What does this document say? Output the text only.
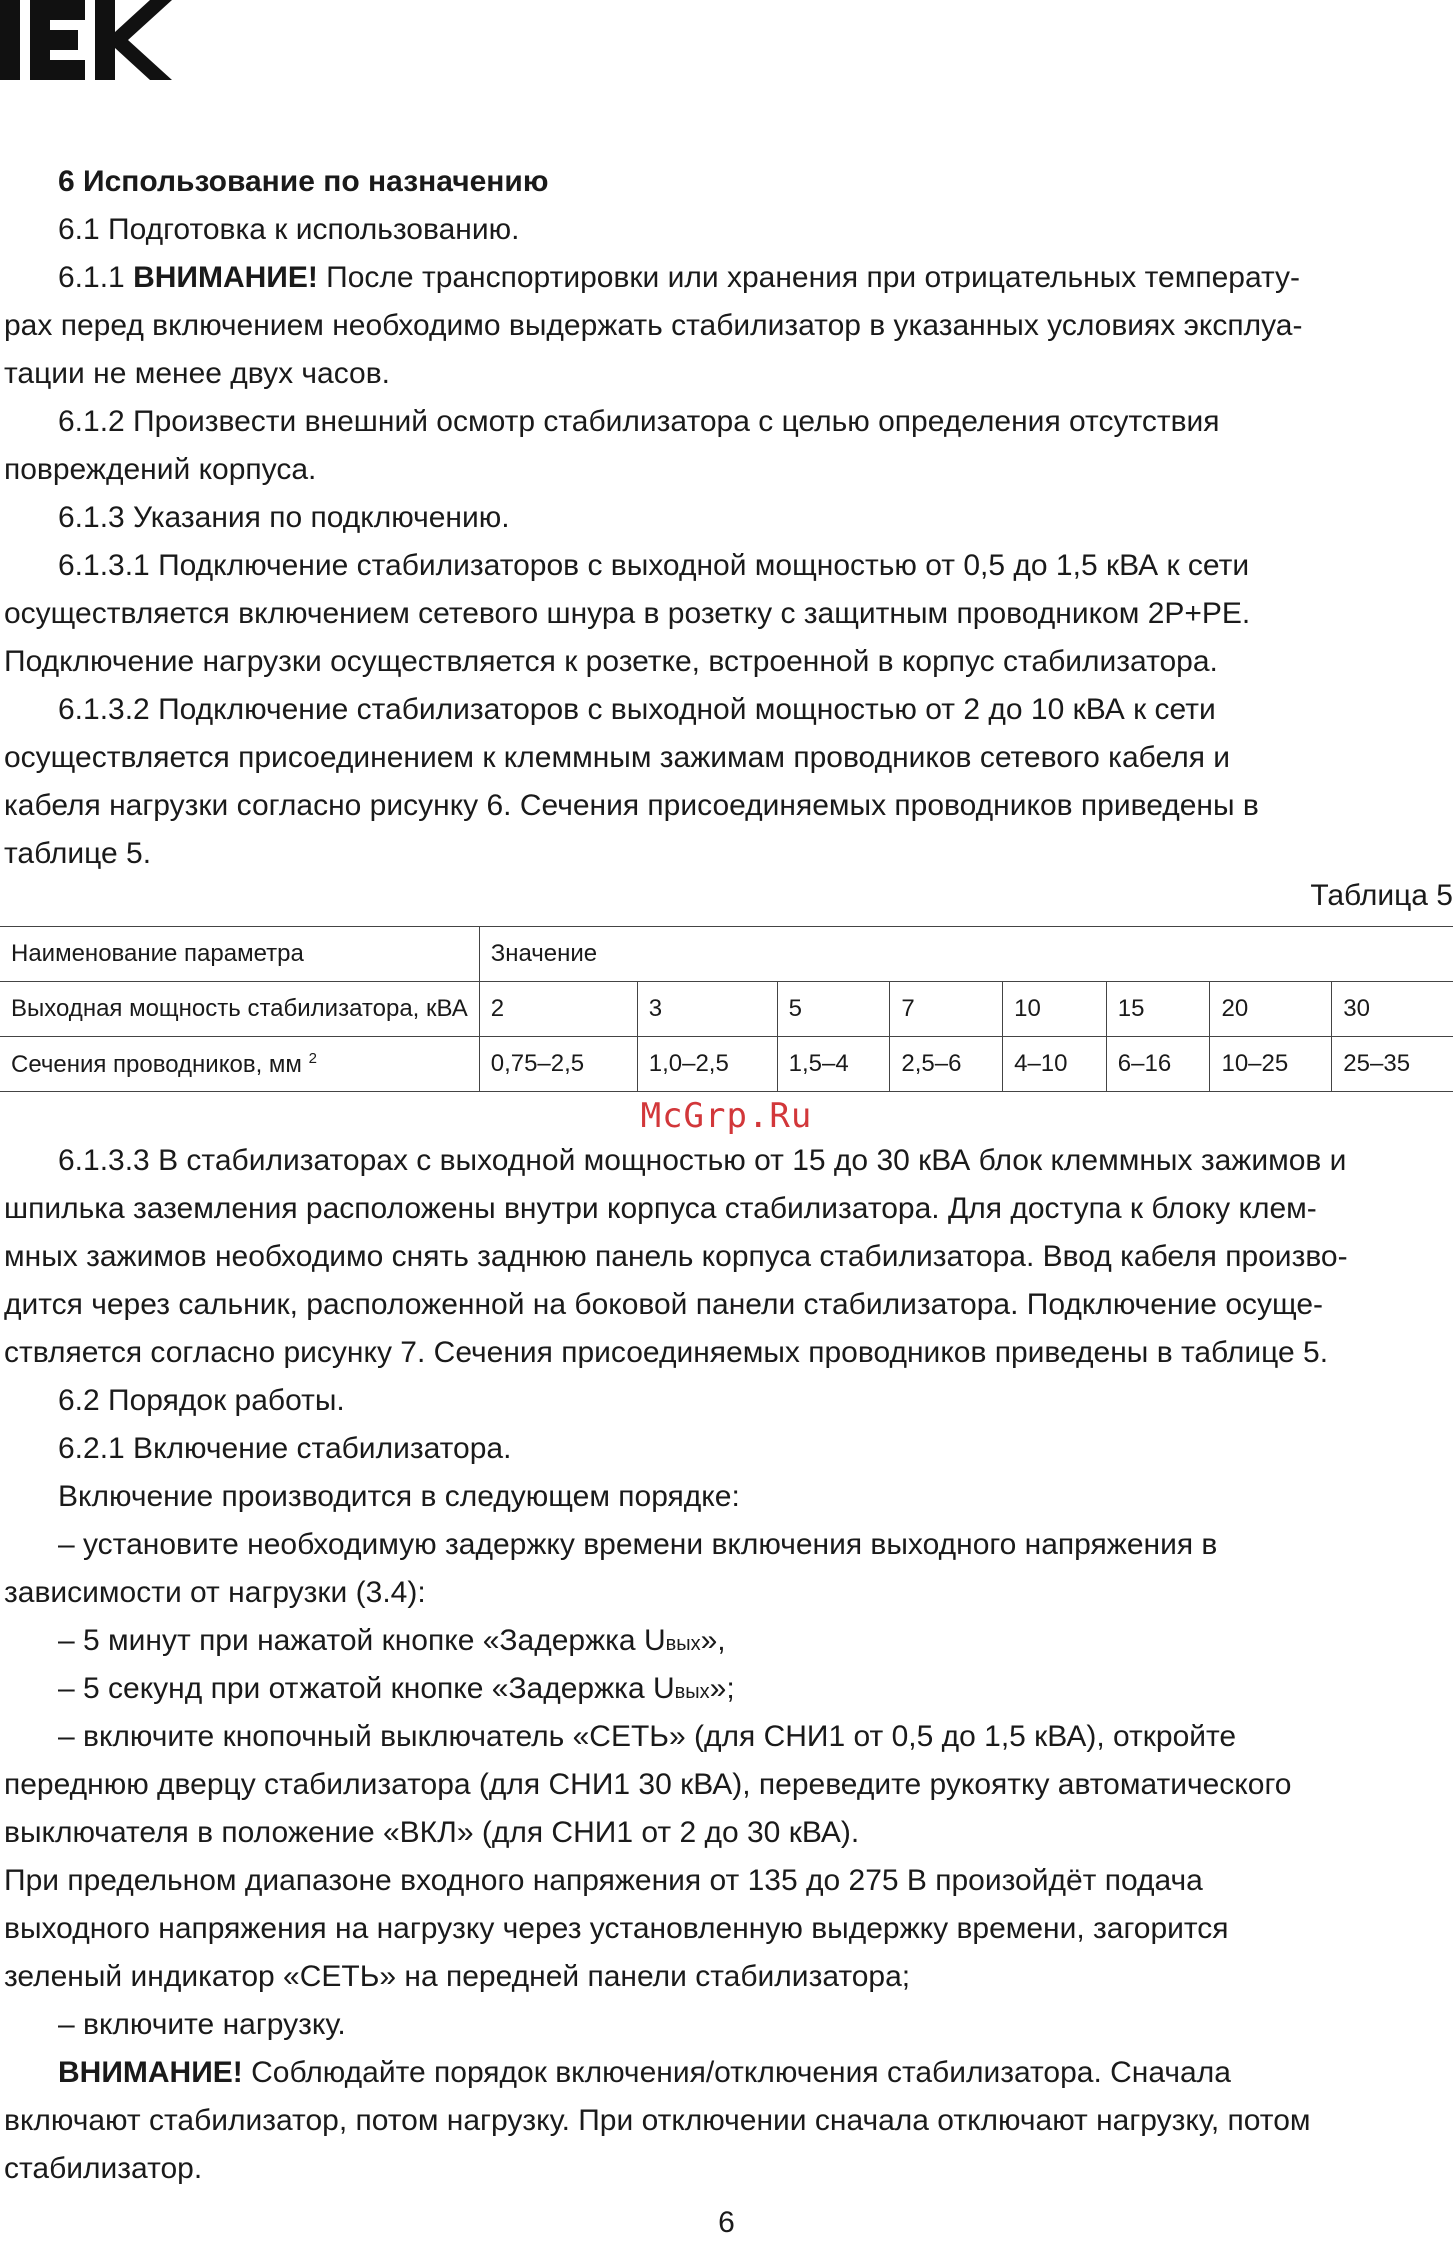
6 Использование по назначению
6.1 Подготовка к использованию.
6.1.1 ВНИМАНИЕ! После транспортировки или хранения при отрицательных температу-
рах перед включением необходимо выдержать стабилизатор в указанных условиях эксплуа-
тации не менее двух часов.
6.1.2 Произвести внешний осмотр стабилизатора с целью определения отсутствия
повреждений корпуса.
6.1.3 Указания по подключению.
6.1.3.1 Подключение стабилизаторов с выходной мощностью от 0,5 до 1,5 кВА к сети
осуществляется включением сетевого шнура в розетку с защитным проводником 2Р+РЕ.
Подключение нагрузки осуществляется к розетке, встроенной в корпус стабилизатора.
6.1.3.2 Подключение стабилизаторов с выходной мощностью от 2 до 10 кВА к сети
осуществляется присоединением к клеммным зажимам проводников сетевого кабеля и
кабеля нагрузки согласно рисунку 6. Сечения присоединяемых проводников приведены в
таблице 5.
Таблица 5
Наименование параметра	Значение							
Выходная мощность стабилизатора, кВА	2	3	5	7	10	15	20	30
Сечения проводников, мм $^2$	0,75–2,5	1,0–2,5	1,5–4	2,5–6	4–10	6–16	10–25	25–35
McGrp.Ru
6.1.3.3 В стабилизаторах с выходной мощностью от 15 до 30 кВА блок клеммных зажимов и
шпилька заземления расположены внутри корпуса стабилизатора. Для доступа к блоку клем-
мных зажимов необходимо снять заднюю панель корпуса стабилизатора. Ввод кабеля произво-
дится через сальник, расположенной на боковой панели стабилизатора. Подключение осуще-
ствляется согласно рисунку 7. Сечения присоединяемых проводников приведены в таблице 5.
6.2 Порядок работы.
6.2.1 Включение стабилизатора.
Включение производится в следующем порядке:
– установите необходимую задержку времени включения выходного напряжения в
зависимости от нагрузки (3.4):
– 5 минут при нажатой кнопке «Задержка Uвых»,
– 5 секунд при отжатой кнопке «Задержка Uвых»;
– включите кнопочный выключатель «СЕТЬ» (для СНИ1 от 0,5 до 1,5 кВА), откройте
переднюю дверцу стабилизатора (для СНИ1 30 кВА), переведите рукоятку автоматического
выключателя в положение «ВКЛ» (для СНИ1 от 2 до 30 кВА).
При предельном диапазоне входного напряжения от 135 до 275 В произойдёт подача
выходного напряжения на нагрузку через установленную выдержку времени, загорится
зеленый индикатор «СЕТЬ» на передней панели стабилизатора;
– включите нагрузку.
ВНИМАНИЕ! Соблюдайте порядок включения/отключения стабилизатора. Сначала
включают стабилизатор, потом нагрузку. При отключении сначала отключают нагрузку, потом
стабилизатор.
6
